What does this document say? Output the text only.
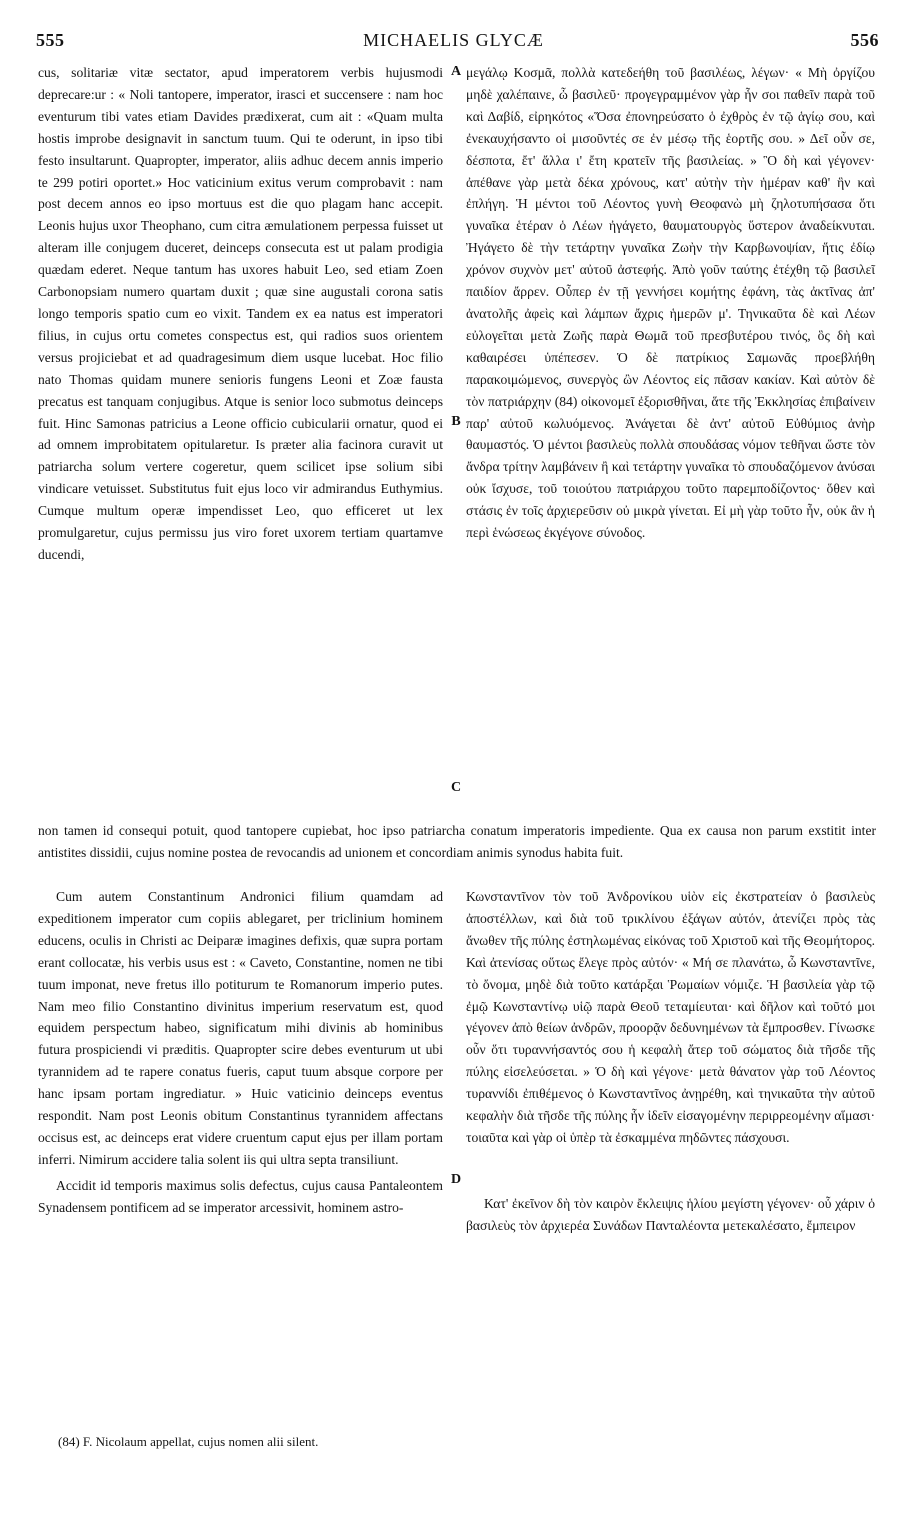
555	MICHAELIS GLYCÆ	556

cus, solitariæ vitæ sectator, apud imperatorem verbis hujusmodi deprecare:ur : « Noli tantopere, imperator, irasci et succensere : nam hoc eventurum tibi vates etiam Davides prædixerat, cum ait : «Quam multa hostis improbe designavit in sanctum tuum. Qui te oderunt, in ipso tibi festo insultarunt. Quapropter, imperator, aliis adhuc decem annis imperio te 299 potiri oportet.» Hoc vaticinium exitus verum comprobavit : nam post decem annos eo ipso mortuus est die quo plagam hanc accepit. Leonis hujus uxor Theophano, cum citra æmulationem perpessa fuisset ut alteram ille conjugem duceret, deinceps consecuta est ut palam prodigia quædam ederet. Neque tantum has uxores habuit Leo, sed etiam Zoen Carbonopsiam numero quartam duxit ; quæ sine augustali corona satis longo temporis spatio cum eo vixit. Tandem ex ea natus est imperatori filius, in cujus ortu cometes conspectus est, qui radios suos orientem versus projiciebat et ad quadragesimum diem usque lucebat. Hoc filio nato Thomas quidam munere senioris fungens Leoni et Zoæ fausta precatus est tanquam conjugibus. Atque is senior loco submotus deinceps fuit. Hinc Samonas patricius a Leone officio cubicularii ornatur, quod ei ad omnem improbitatem opitularetur. Is præter alia facinora curavit ut patriarcha solum vertere cogeretur, quem scilicet ipse solium sibi vindicare vetuisset. Substitutus fuit ejus loco vir admirandus Euthymius. Cumque multum operæ impendisset Leo, quo efficeret ut lex promulgaretur, cujus permissu jus viro foret uxorem tertiam quartamve ducendi,

A
B
C
D

μεγάλῳ Κοσμᾶ, πολλὰ κατεδεήθη τοῦ βασιλέως, λέγων· « Μὴ ὀργίζου μηδὲ χαλέπαινε, ὦ βασιλεῦ· προγεγραμμένον γὰρ ἦν σοι παθεῖν παρὰ τοῦ καὶ Δαβίδ, εἰρηκότος «Ὅσα ἐπονηρεύσατο ὁ ἐχθρὸς ἐν τῷ ἁγίῳ σου, καὶ ἐνεκαυχήσαντο οἱ μισοῦντές σε ἐν μέσῳ τῆς ἑορτῆς σου. » Δεῖ οὖν σε, δέσποτα, ἔτ' ἄλλα ι' ἔτη κρατεῖν τῆς βασιλείας. » Ὃ δὴ καὶ γέγονεν· ἀπέθανε γὰρ μετὰ δέκα χρόνους, κατ' αὐτὴν τὴν ἡμέραν καθ' ἣν καὶ ἐπλήγη. Ἡ μέντοι τοῦ Λέοντος γυνὴ Θεοφανὼ μὴ ζηλοτυπήσασα ὅτι γυναῖκα ἑτέραν ὁ Λέων ἠγάγετο, θαυματουργὸς ὕστερον ἀναδείκνυται. Ἠγάγετο δὲ τὴν τετάρτην γυναῖκα Ζωὴν τὴν Καρβωνοψίαν, ἥτις ἐδίῳ χρόνον συχνὸν μετ' αὐτοῦ ἀστεφής. Ἀπὸ γοῦν ταύτης ἐτέχθη τῷ βασιλεῖ παιδίον ἄρρεν. Οὗπερ ἐν τῇ γεννήσει κομήτης ἐφάνη, τὰς ἀκτῖνας ἀπ' ἀνατολῆς ἀφεὶς καὶ λάμπων ἄχρις ἡμερῶν μ'. Τηνικαῦτα δὲ καὶ Λέων εὐλογεῖται μετὰ Ζωῆς παρὰ Θωμᾶ τοῦ πρεσβυτέρου τινός, ὃς δὴ καὶ καθαιρέσει ὑπέπεσεν. Ὁ δὲ πατρίκιος Σαμωνᾶς προεβλήθη παρακοιμώμενος, συνεργὸς ὢν Λέοντος εἰς πᾶσαν κακίαν. Καὶ αὐτὸν δὲ τὸν πατριάρχην (84) οἰκονομεῖ ἐξορισθῆναι, ἅτε τῆς Ἐκκλησίας ἐπιβαίνειν παρ' αὐτοῦ κωλυόμενος. Ἀνάγεται δὲ ἀντ' αὐτοῦ Εὐθύμιος ἀνὴρ θαυμαστός. Ὁ μέντοι βασιλεὺς πολλὰ σπουδάσας νόμον τεθῆναι ὥστε τὸν ἄνδρα τρίτην λαμβάνειν ἢ καὶ τετάρτην γυναῖκα τὸ σπουδαζόμενον ἀνύσαι οὐκ ἴσχυσε, τοῦ τοιούτου πατριάρχου τοῦτο παρεμποδίζοντος· ὅθεν καὶ στάσις ἐν τοῖς ἀρχιερεῦσιν οὐ μικρὰ γίνεται. Εἰ μὴ γὰρ τοῦτο ἦν, οὐκ ἂν ἡ περὶ ἑνώσεως ἐκγέγονε σύνοδος.

non tamen id consequi potuit, quod tantopere cupiebat, hoc ipso patriarcha conatum imperatoris impediente. Qua ex causa non parum exstitit inter antistites dissidii, cujus nomine postea de revocandis ad unionem et concordiam animis synodus habita fuit.

Cum autem Constantinum Andronici filium quamdam ad expeditionem imperator cum copiis ablegaret, per triclinium hominem educens, oculis in Christi ac Deiparæ imagines defixis, quæ supra portam erant collocatæ, his verbis usus est : « Caveto, Constantine, nomen ne tibi tuum imponat, neve fretus illo potiturum te Romanorum imperio putes. Nam meo filio Constantino divinitus imperium reservatum est, quod equidem perspectum habeo, significatum mihi divinis ab hominibus futura prospiciendi vi præditis. Quapropter scire debes eventurum ut ubi tyrannidem ad te rapere conatus fueris, caput tuum absque corpore per hanc ipsam portam ingrediatur. » Huic vaticinio deinceps eventus respondit. Nam post Leonis obitum Constantinus tyrannidem affectans occisus est, ac deinceps erat videre cruentum caput ejus per illam portam inferri. Nimirum accidere talia solent iis qui ultra septa transiliunt.

Accidit id temporis maximus solis defectus, cujus causa Pantaleontem Synadensem pontificem ad se imperator arcessivit, hominem astro-

Κωνσταντῖνον τὸν τοῦ Ἀνδρονίκου υἱὸν εἰς ἐκστρατείαν ὁ βασιλεὺς ἀποστέλλων, καὶ διὰ τοῦ τρικλίνου ἐξάγων αὐτόν, ἀτενίζει πρὸς τὰς ἄνωθεν τῆς πύλης ἐστηλωμένας εἰκόνας τοῦ Χριστοῦ καὶ τῆς Θεομήτορος. Καὶ ἀτενίσας οὕτως ἔλεγε πρὸς αὐτόν· « Μή σε πλανάτω, ὦ Κωνσταντῖνε, τὸ ὄνομα, μηδὲ διὰ τοῦτο κατάρξαι Ῥωμαίων νόμιζε. Ἡ βασιλεία γὰρ τῷ ἐμῷ Κωνσταντίνῳ υἱῷ παρὰ Θεοῦ τεταμίευται· καὶ δῆλον καὶ τοῦτό μοι γέγονεν ἀπὸ θείων ἀνδρῶν, προορᾷν δεδυνημένων τὰ ἔμπροσθεν. Γίνωσκε οὖν ὅτι τυραννήσαντός σου ἡ κεφαλὴ ἄτερ τοῦ σώματος διὰ τῆσδε τῆς πύλης εἰσελεύσεται. » Ὁ δὴ καὶ γέγονε· μετὰ θάνατον γὰρ τοῦ Λέοντος τυραννίδι ἐπιθέμενος ὁ Κωνσταντῖνος ἀνῃρέθη, καὶ τηνικαῦτα τὴν αὐτοῦ κεφαλὴν διὰ τῆσδε τῆς πύλης ἦν ἰδεῖν εἰσαγομένην περιρρεομένην αἵμασι· τοιαῦτα καὶ γὰρ οἱ ὑπὲρ τὰ ἐσκαμμένα πηδῶντες πάσχουσι.

Κατ' ἐκεῖνον δὴ τὸν καιρὸν ἔκλειψις ἡλίου μεγίστη γέγονεν· οὗ χάριν ὁ βασιλεὺς τὸν ἀρχιερέα Συνάδων Πανταλέοντα μετεκαλέσατο, ἔμπειρον

(84) F. Nicolaum appellat, cujus nomen alii silent.
